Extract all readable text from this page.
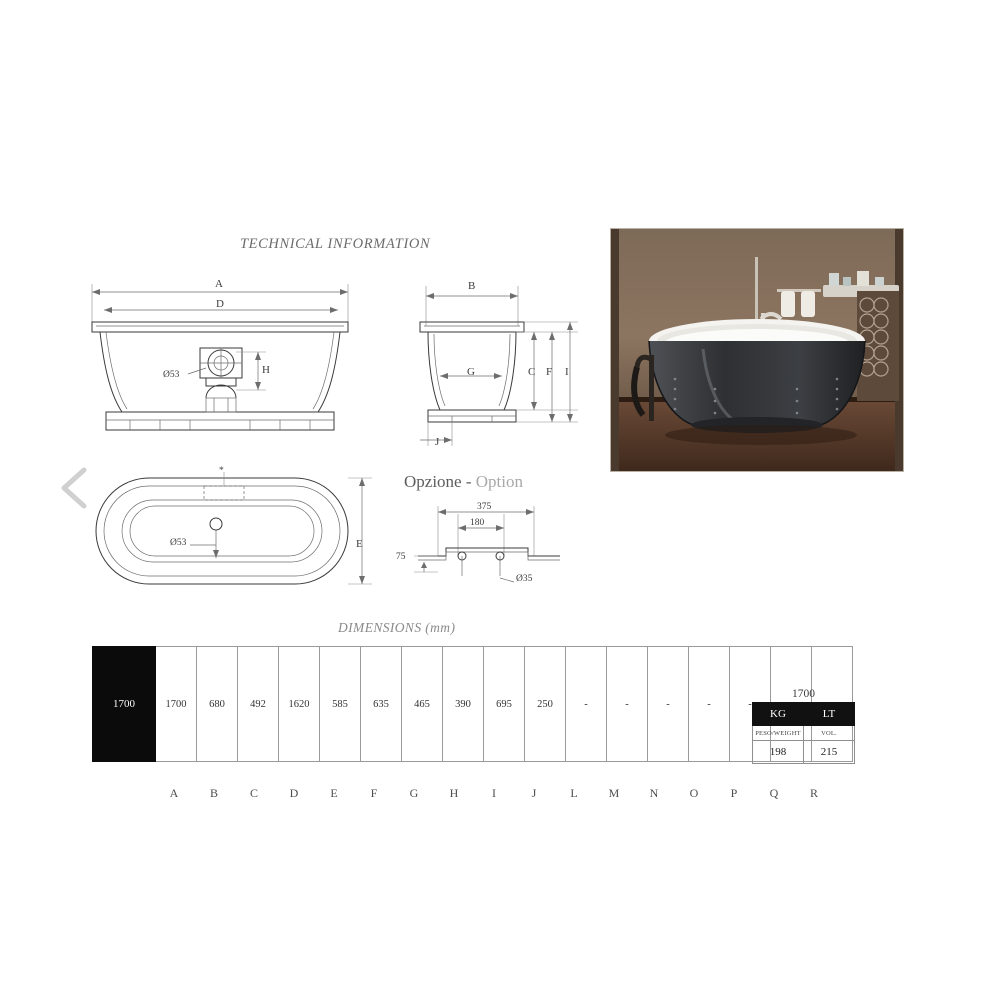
TECHNICAL INFORMATION
DIMENSIONS (mm)
Opzione - Option
A
D
H
Ø53
B
G	C F I
J
*
Ø53	E
375
180
75
Ø35
1700	1700	680	492	1620	585	635	465	390	695	250	-	-	-	-	-		
	A	B	C	D	E	F	G	H	I	J	L	M	N	O	P	Q	R
1700
KG	LT
PESO/WEIGHT	VOL.
198	215
